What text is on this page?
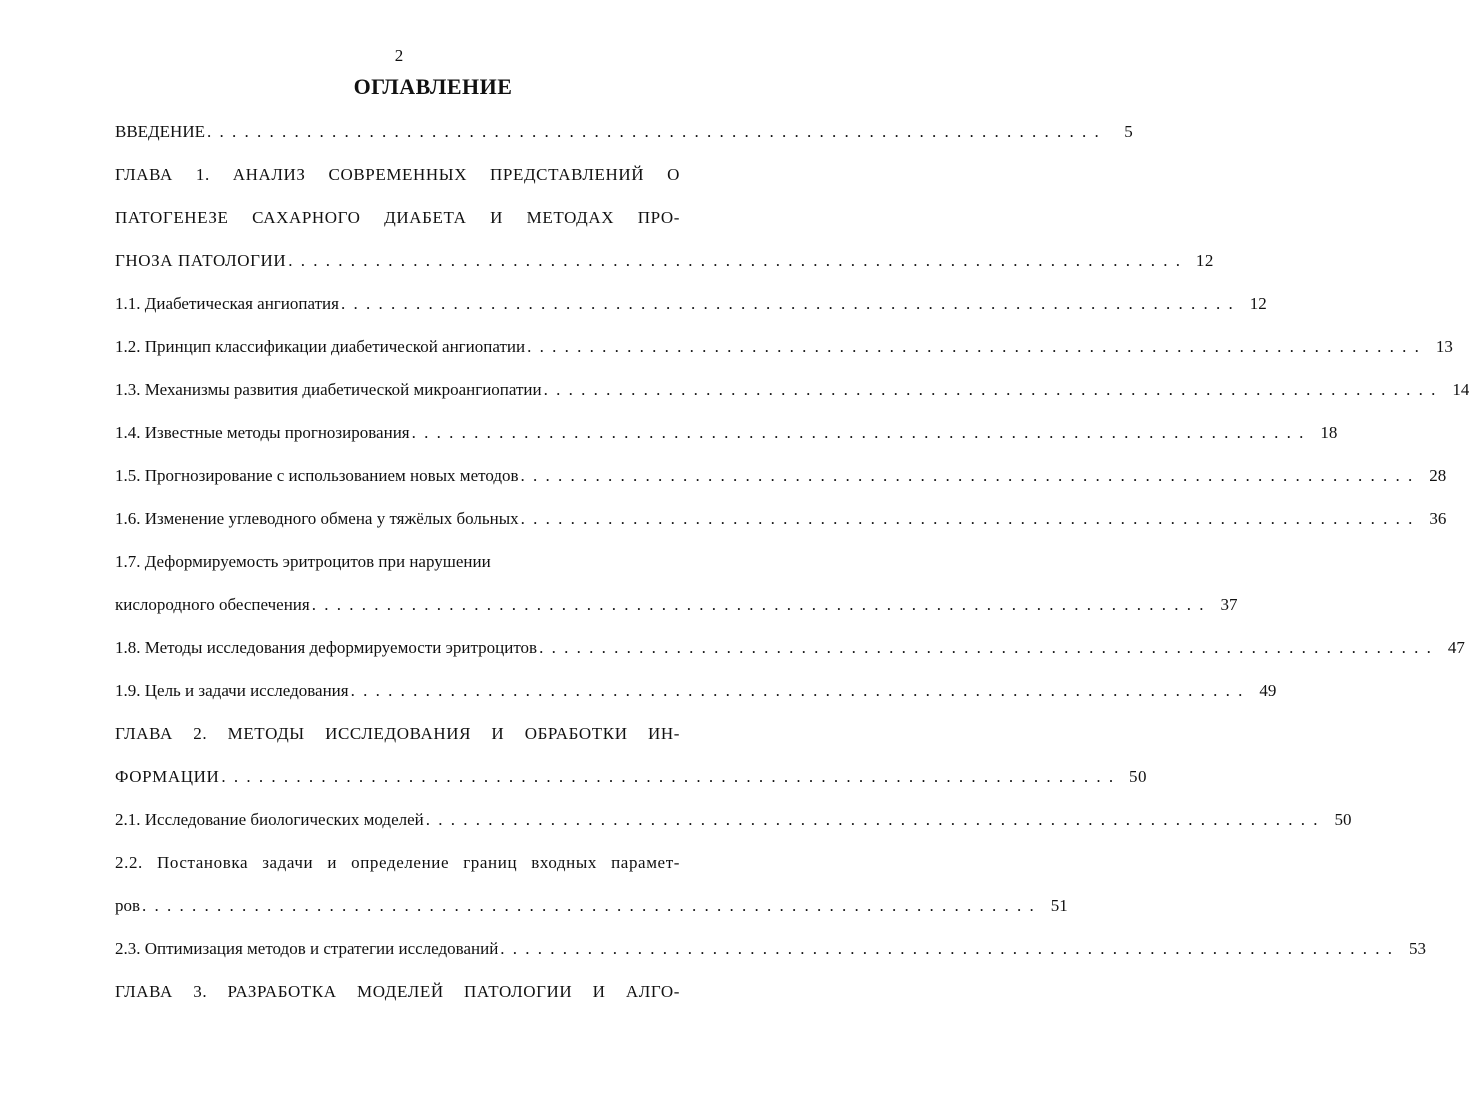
2
ОГЛАВЛЕНИЕ
ВВЕДЕНИЕ . . . . . . . . . . . . . . . . . . . . . . . . . . . . . . . . . . . . . . . . . . . . . . . . . . . . . . . . . . . . . . . . . . . . . . . .	5
ГЛАВА 1. АНАЛИЗ СОВРЕМЕННЫХ ПРЕДСТАВЛЕНИЙ О
ПАТОГЕНЕЗЕ САХАРНОГО ДИАБЕТА И МЕТОДАХ ПРО-
ГНОЗА ПАТОЛОГИИ . . . . . . . . . . . . . . . . . . . . . . . . . . . . . . . . . . . . . . . . . . . . . . . . . . . . . . . . . . . . . . . . . . . . . . . . 12
1.1. Диабетическая ангиопатия . . . . . . . . . . . . . . . . . . . . . . . . . . . . . . . . . . . . . . . . . . . . . . . . . . . . . . . . . . . . . . . . . . . . . . . . 12
1.2. Принцип классификации диабетической ангиопатии . . . . . . . . . . . . . . . . . . . . . . . . . . . . . . . . . . . . . . . . . . . . . . . . . . . . . . . . . . . . . . . . . . . . . . . . 13
1.3. Механизмы развития диабетической микроангиопатии . . . . . . . . . . . . . . . . . . . . . . . . . . . . . . . . . . . . . . . . . . . . . . . . . . . . . . . . . . . . . . . . . . . . . . . . 14
1.4. Известные методы прогнозирования . . . . . . . . . . . . . . . . . . . . . . . . . . . . . . . . . . . . . . . . . . . . . . . . . . . . . . . . . . . . . . . . . . . . . . . . 18
1.5. Прогнозирование с использованием новых методов . . . . . . . . . . . . . . . . . . . . . . . . . . . . . . . . . . . . . . . . . . . . . . . . . . . . . . . . . . . . . . . . . . . . . . . . 28
1.6. Изменение углеводного обмена у тяжёлых больных . . . . . . . . . . . . . . . . . . . . . . . . . . . . . . . . . . . . . . . . . . . . . . . . . . . . . . . . . . . . . . . . . . . . . . . . 36
1.7. Деформируемость эритроцитов при нарушении
кислородного обеспечения . . . . . . . . . . . . . . . . . . . . . . . . . . . . . . . . . . . . . . . . . . . . . . . . . . . . . . . . . . . . . . . . . . . . . . . . 37
1.8. Методы исследования деформируемости эритроцитов . . . . . . . . . . . . . . . . . . . . . . . . . . . . . . . . . . . . . . . . . . . . . . . . . . . . . . . . . . . . . . . . . . . . . . . . 47
1.9. Цель и задачи исследования . . . . . . . . . . . . . . . . . . . . . . . . . . . . . . . . . . . . . . . . . . . . . . . . . . . . . . . . . . . . . . . . . . . . . . . . 49
ГЛАВА 2. МЕТОДЫ ИССЛЕДОВАНИЯ И ОБРАБОТКИ ИН-
ФОРМАЦИИ . . . . . . . . . . . . . . . . . . . . . . . . . . . . . . . . . . . . . . . . . . . . . . . . . . . . . . . . . . . . . . . . . . . . . . . . 50
2.1. Исследование биологических моделей . . . . . . . . . . . . . . . . . . . . . . . . . . . . . . . . . . . . . . . . . . . . . . . . . . . . . . . . . . . . . . . . . . . . . . . . 50
2.2. Постановка задачи и определение границ входных парамет-
ров . . . . . . . . . . . . . . . . . . . . . . . . . . . . . . . . . . . . . . . . . . . . . . . . . . . . . . . . . . . . . . . . . . . . . . . . 51
2.3. Оптимизация методов и стратегии исследований . . . . . . . . . . . . . . . . . . . . . . . . . . . . . . . . . . . . . . . . . . . . . . . . . . . . . . . . . . . . . . . . . . . . . . . . 53
ГЛАВА 3. РАЗРАБОТКА МОДЕЛЕЙ ПАТОЛОГИИ И АЛГО-
